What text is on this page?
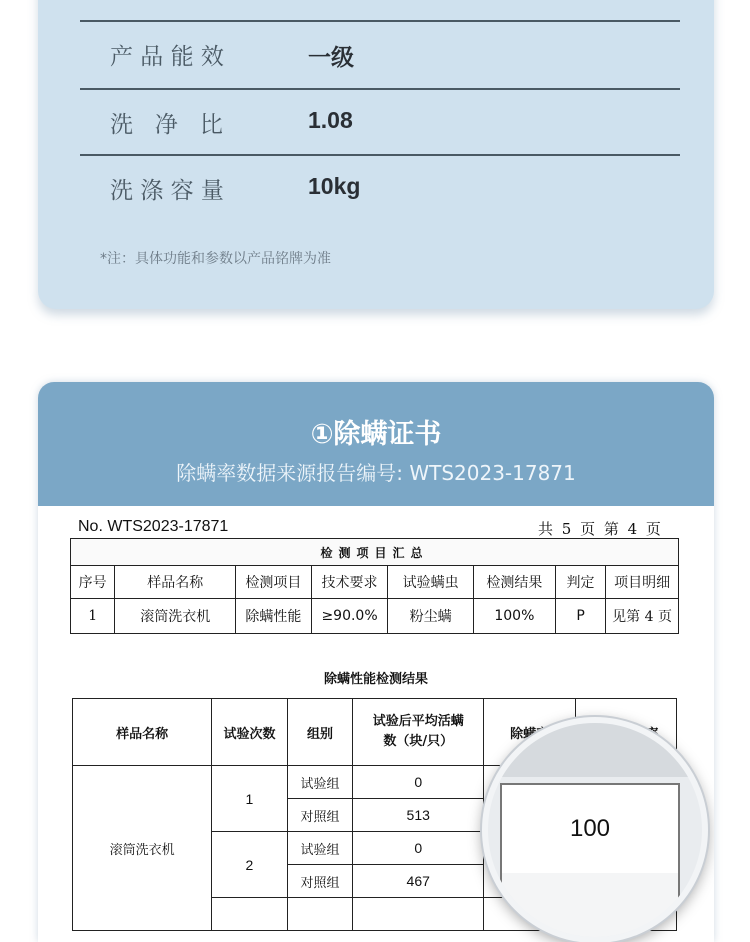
产 品 能 效	一级
洗   净   比	1.08
洗 涤 容 量	10kg
*注：具体功能和参数以产品铭牌为准
①除螨证书
除螨率数据来源报告编号: WTS2023-17871
No. WTS2023-17871	共 5 页 第 4 页
检测项目汇总							
序号	样品名称	检测项目	技术要求	试验螨虫	检测结果	判定	项目明细
1	滚筒洗衣机	除螨性能	≥90.0%	粉尘螨	100%	P	见第 4 页
除螨性能检测结果
样品名称	试验次数	组别	试验后平均活螨数（块/只）		
滚筒洗衣机	1	试验组	0		
		对照组	513		
	2	试验组	0		
		对照组	467		

100
